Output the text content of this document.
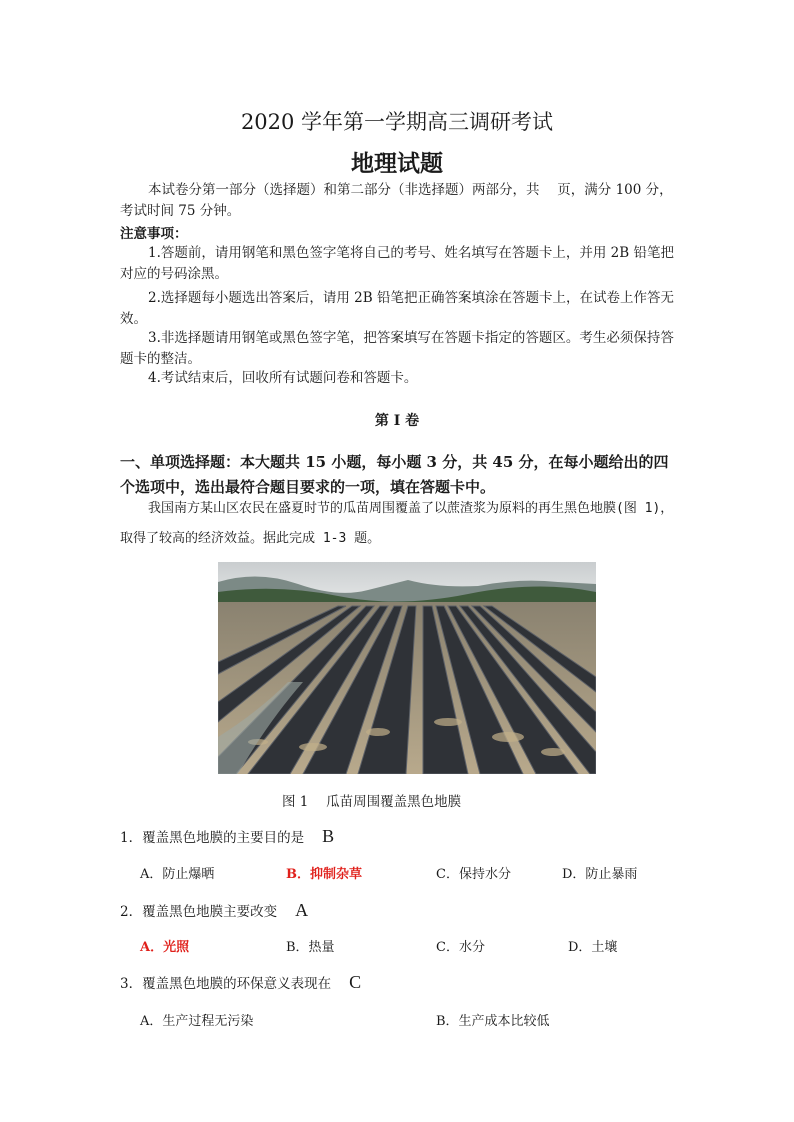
2020 学年第一学期高三调研考试
地理试题
本试卷分第一部分（选择题）和第二部分（非选择题）两部分，共　 页，满分 100 分，考试时间 75 分钟。
注意事项：
1.答题前，请用钢笔和黑色签字笔将自己的考号、姓名填写在答题卡上，并用 2B 铅笔把对应的号码涂黑。
2.选择题每小题选出答案后，请用 2B 铅笔把正确答案填涂在答题卡上，在试卷上作答无效。
3.非选择题请用钢笔或黑色签字笔，把答案填写在答题卡指定的答题区。考生必须保持答题卡的整洁。
4.考试结束后，回收所有试题问卷和答题卡。
第 I 卷
一、单项选择题：本大题共 15 小题，每小题 3 分，共 45 分，在每小题给出的四个选项中，选出最符合题目要求的一项，填在答题卡中。
我国南方某山区农民在盛夏时节的瓜苗周围覆盖了以蔗渣浆为原料的再生黑色地膜(图 1)，取得了较高的经济效益。据此完成 1-3 题。
图 1　 瓜苗周围覆盖黑色地膜
1．覆盖黑色地膜的主要目的是 B
A．防止爆晒	B．抑制杂草	C．保持水分	D．防止暴雨
2．覆盖黑色地膜主要改变 A
A．光照	B．热量	C．水分	D．土壤
3．覆盖黑色地膜的环保意义表现在 C
A．生产过程无污染	B．生产成本比较低
